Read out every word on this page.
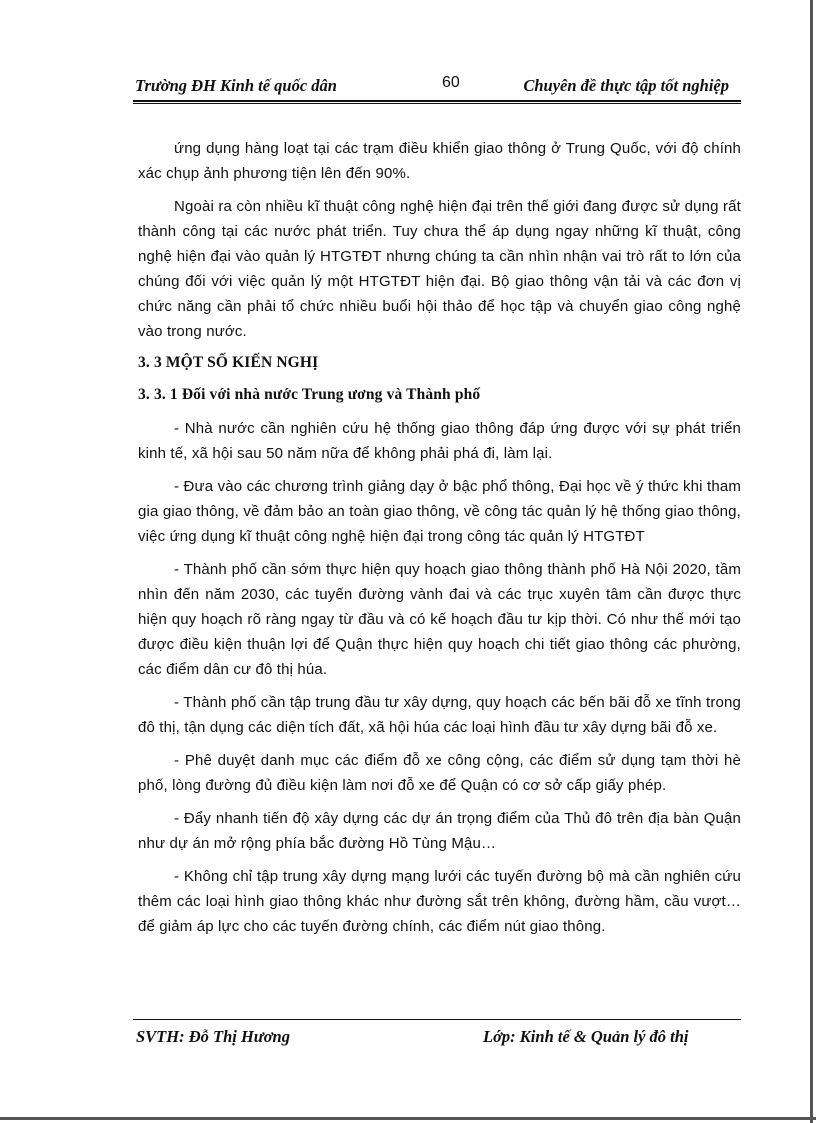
Trường ĐH Kinh tế quốc dân	60	Chuyên đề thực tập tốt nghiệp

ứng dụng hàng loạt tại các trạm điều khiển giao thông ở Trung Quốc, với độ chính xác chụp ảnh phương tiện lên đến 90%.

Ngoài ra còn nhiều kĩ thuật công nghệ hiện đại trên thế giới đang được sử dụng rất thành công tại các nước phát triển. Tuy chưa thể áp dụng ngay những kĩ thuật, công nghệ hiện đại vào quản lý HTGTĐT nhưng chúng ta cần nhìn nhận vai trò rất to lớn của chúng đối với việc quản lý một HTGTĐT hiện đại. Bộ giao thông vận tải và các đơn vị chức năng cần phải tổ chức nhiều buổi hội thảo để học tập và chuyển giao công nghệ vào trong nước.

3. 3 MỘT SỐ KIẾN NGHỊ
3. 3. 1 Đối với nhà nước Trung ương và Thành phố

- Nhà nước cần nghiên cứu hệ thống giao thông đáp ứng được với sự phát triển kinh tế, xã hội sau 50 năm nữa để không phải phá đi, làm lại.

- Đưa vào các chương trình giảng dạy ở bậc phổ thông, Đại học về ý thức khi tham gia giao thông, về đảm bảo an toàn giao thông, về công tác quản lý hệ thống giao thông, việc ứng dụng kĩ thuật công nghệ hiện đại trong công tác quản lý HTGTĐT

- Thành phố cần sớm thực hiện quy hoạch giao thông thành phố Hà Nội 2020, tầm nhìn đến năm 2030, các tuyến đường vành đai và các trục xuyên tâm cần được thực hiện quy hoạch rõ ràng ngay từ đầu và có kế hoạch đầu tư kịp thời. Có như thế mới tạo được điều kiện thuận lợi để Quận thực hiện quy hoạch chi tiết giao thông các phường, các điểm dân cư đô thị húa.

- Thành phố cần tập trung đầu tư xây dựng, quy hoạch các bến bãi đỗ xe tĩnh trong đô thị, tận dụng các diện tích đất, xã hội húa các loại hình đầu tư xây dựng bãi đỗ xe.

- Phê duyệt danh mục các điểm đỗ xe công cộng, các điểm sử dụng tạm thời hè phố, lòng đường đủ điều kiện làm nơi đỗ xe để Quận có cơ sở cấp giấy phép.

- Đẩy nhanh tiến độ xây dựng các dự án trọng điểm của Thủ đô trên địa bàn Quận như dự án mở rộng phía bắc đường Hồ Tùng Mậu…

- Không chỉ tập trung xây dựng mạng lưới các tuyến đường bộ mà cần nghiên cứu thêm các loại hình giao thông khác như đường sắt trên không, đường hầm, cầu vượt…để giảm áp lực cho các tuyến đường chính, các điểm nút giao thông.

SVTH: Đỗ Thị Hương	Lớp: Kinh tế & Quản lý đô thị
